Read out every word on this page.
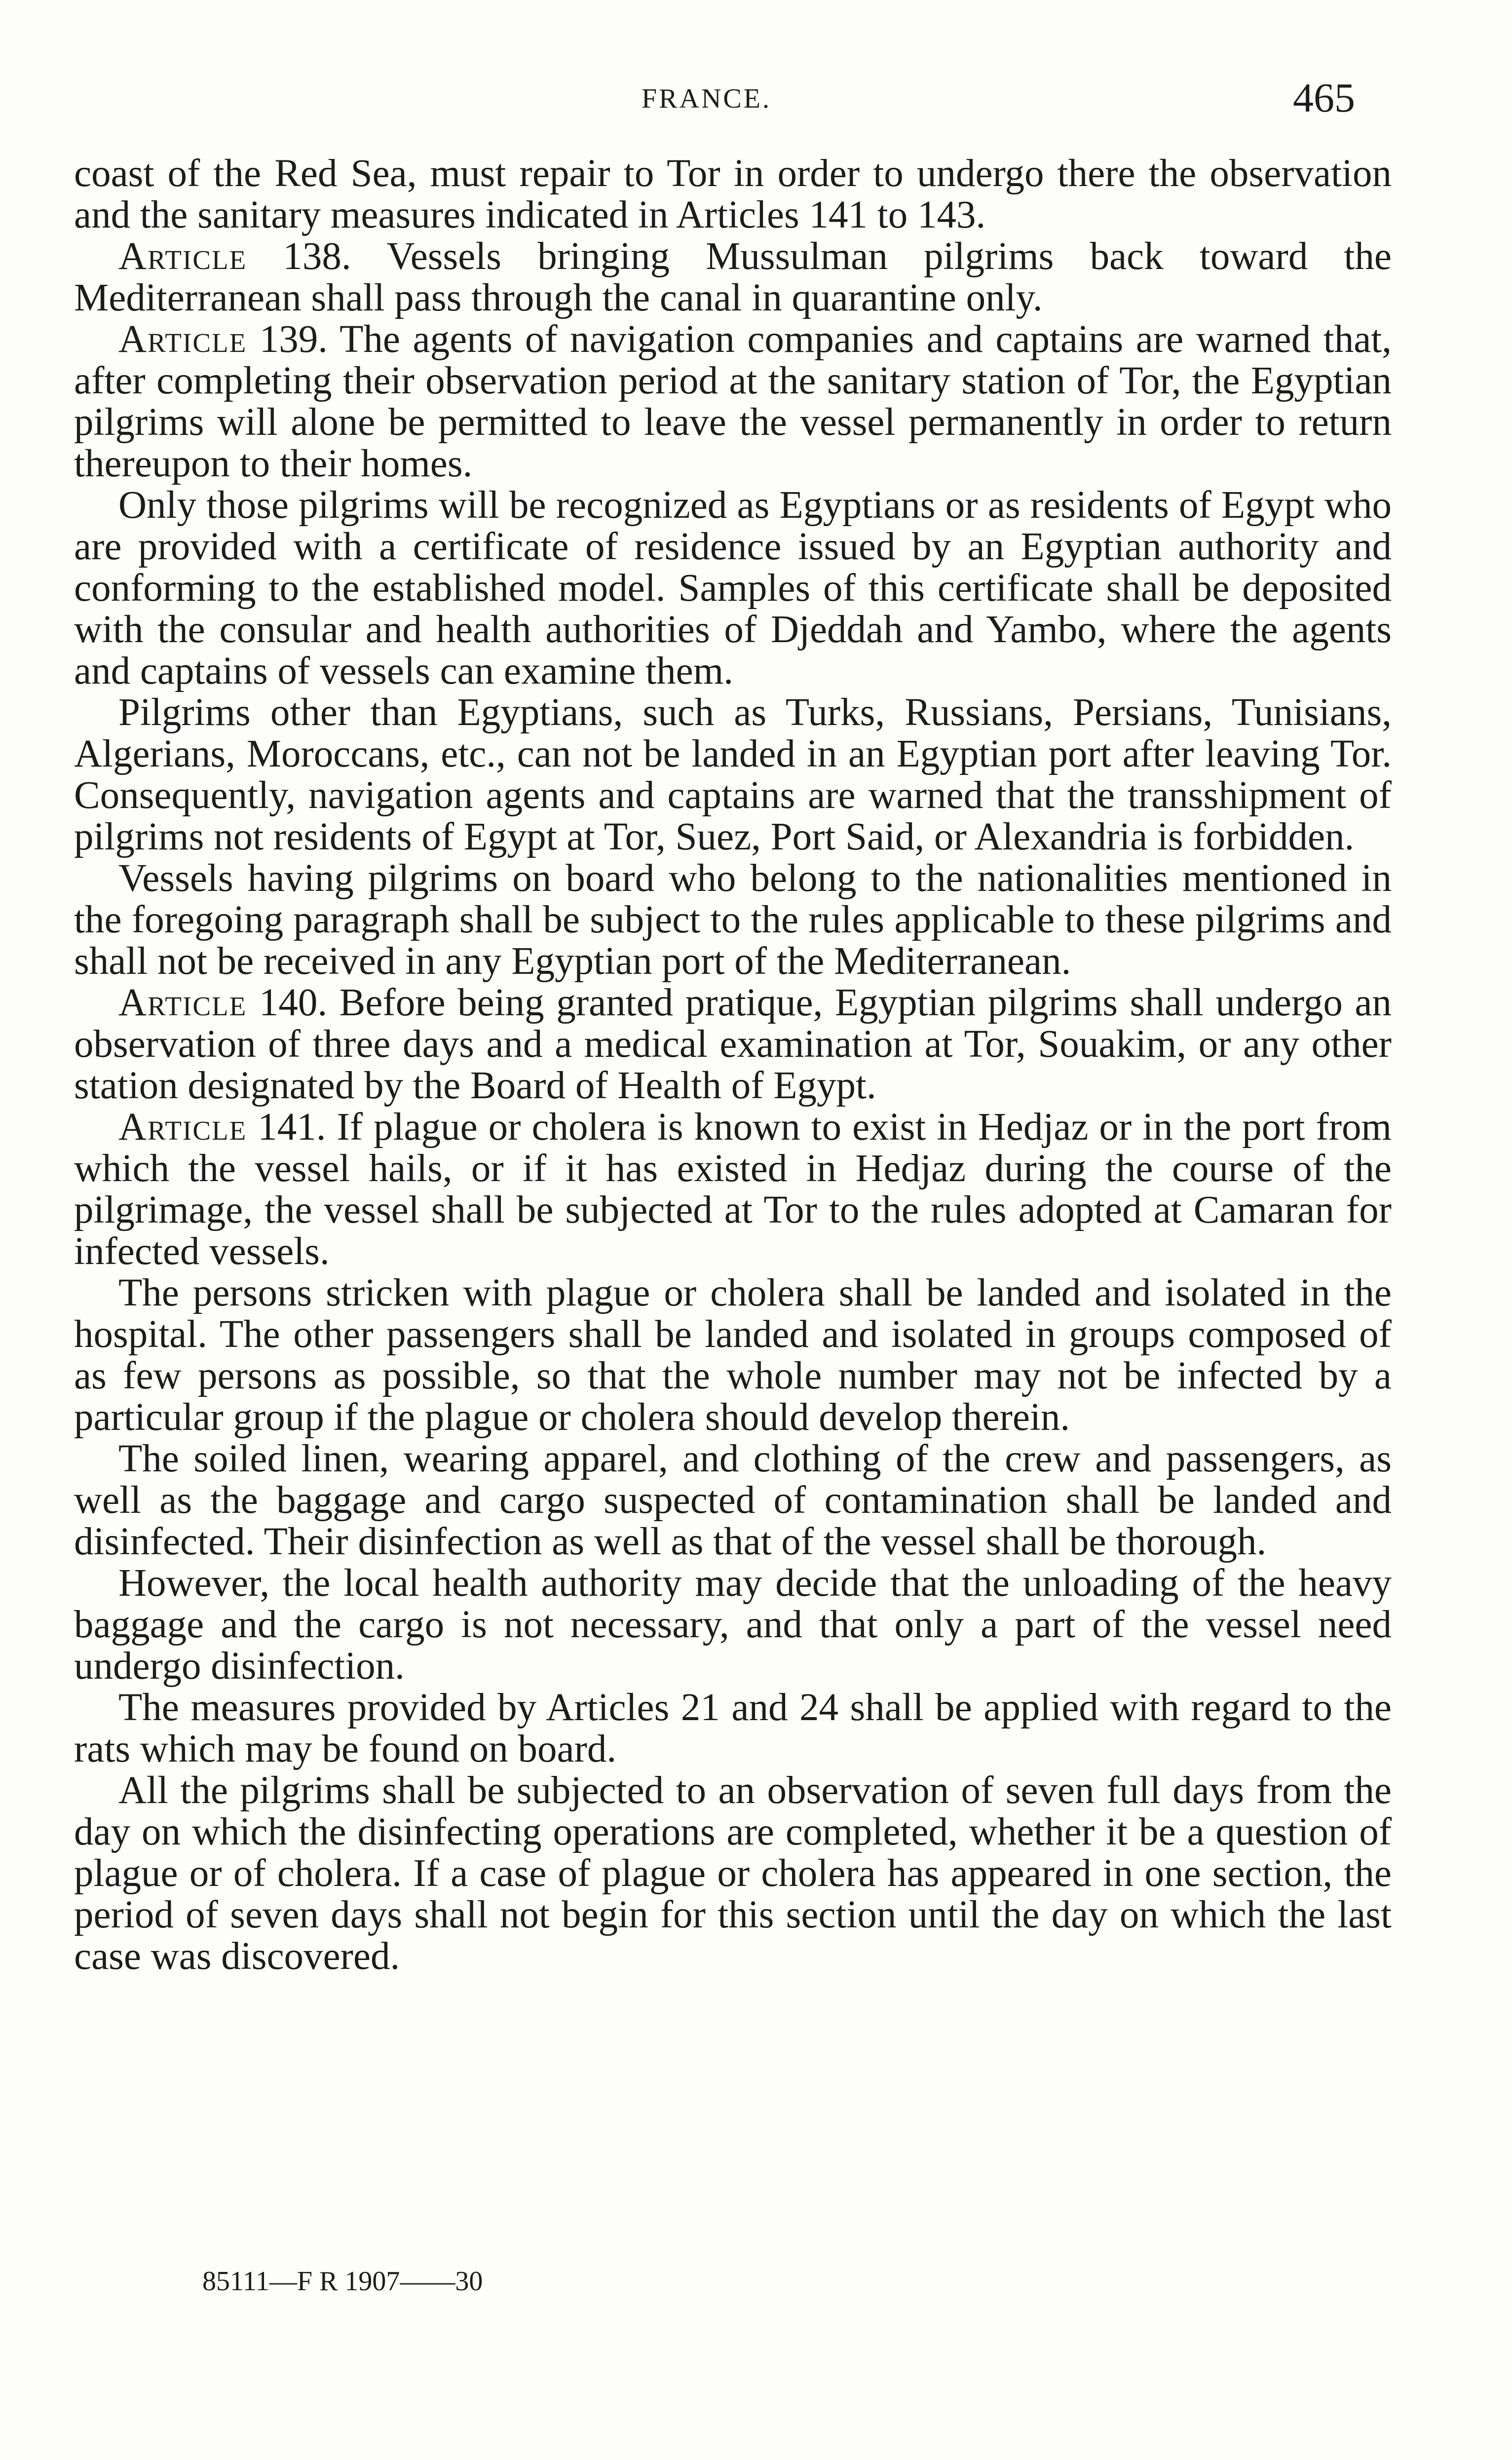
FRANCE.	465

coast of the Red Sea, must repair to Tor in order to undergo there the observation and the sanitary measures indicated in Articles 141 to 143.

Article 138. Vessels bringing Mussulman pilgrims back toward the Mediterranean shall pass through the canal in quarantine only.

Article 139. The agents of navigation companies and captains are warned that, after completing their observation period at the sanitary station of Tor, the Egyptian pilgrims will alone be permitted to leave the vessel permanently in order to return thereupon to their homes.

Only those pilgrims will be recognized as Egyptians or as residents of Egypt who are provided with a certificate of residence issued by an Egyptian authority and conforming to the established model. Samples of this certificate shall be deposited with the consular and health authorities of Djeddah and Yambo, where the agents and captains of vessels can examine them.

Pilgrims other than Egyptians, such as Turks, Russians, Persians, Tunisians, Algerians, Moroccans, etc., can not be landed in an Egyptian port after leaving Tor. Consequently, navigation agents and captains are warned that the transshipment of pilgrims not residents of Egypt at Tor, Suez, Port Said, or Alexandria is forbidden.

Vessels having pilgrims on board who belong to the nationalities mentioned in the foregoing paragraph shall be subject to the rules applicable to these pilgrims and shall not be received in any Egyptian port of the Mediterranean.

Article 140. Before being granted pratique, Egyptian pilgrims shall undergo an observation of three days and a medical examination at Tor, Souakim, or any other station designated by the Board of Health of Egypt.

Article 141. If plague or cholera is known to exist in Hedjaz or in the port from which the vessel hails, or if it has existed in Hedjaz during the course of the pilgrimage, the vessel shall be subjected at Tor to the rules adopted at Camaran for infected vessels.

The persons stricken with plague or cholera shall be landed and isolated in the hospital. The other passengers shall be landed and isolated in groups composed of as few persons as possible, so that the whole number may not be infected by a particular group if the plague or cholera should develop therein.

The soiled linen, wearing apparel, and clothing of the crew and passengers, as well as the baggage and cargo suspected of contamination shall be landed and disinfected. Their disinfection as well as that of the vessel shall be thorough.

However, the local health authority may decide that the unloading of the heavy baggage and the cargo is not necessary, and that only a part of the vessel need undergo disinfection.

The measures provided by Articles 21 and 24 shall be applied with regard to the rats which may be found on board.

All the pilgrims shall be subjected to an observation of seven full days from the day on which the disinfecting operations are completed, whether it be a question of plague or of cholera. If a case of plague or cholera has appeared in one section, the period of seven days shall not begin for this section until the day on which the last case was discovered.

85111—F R 1907——30
